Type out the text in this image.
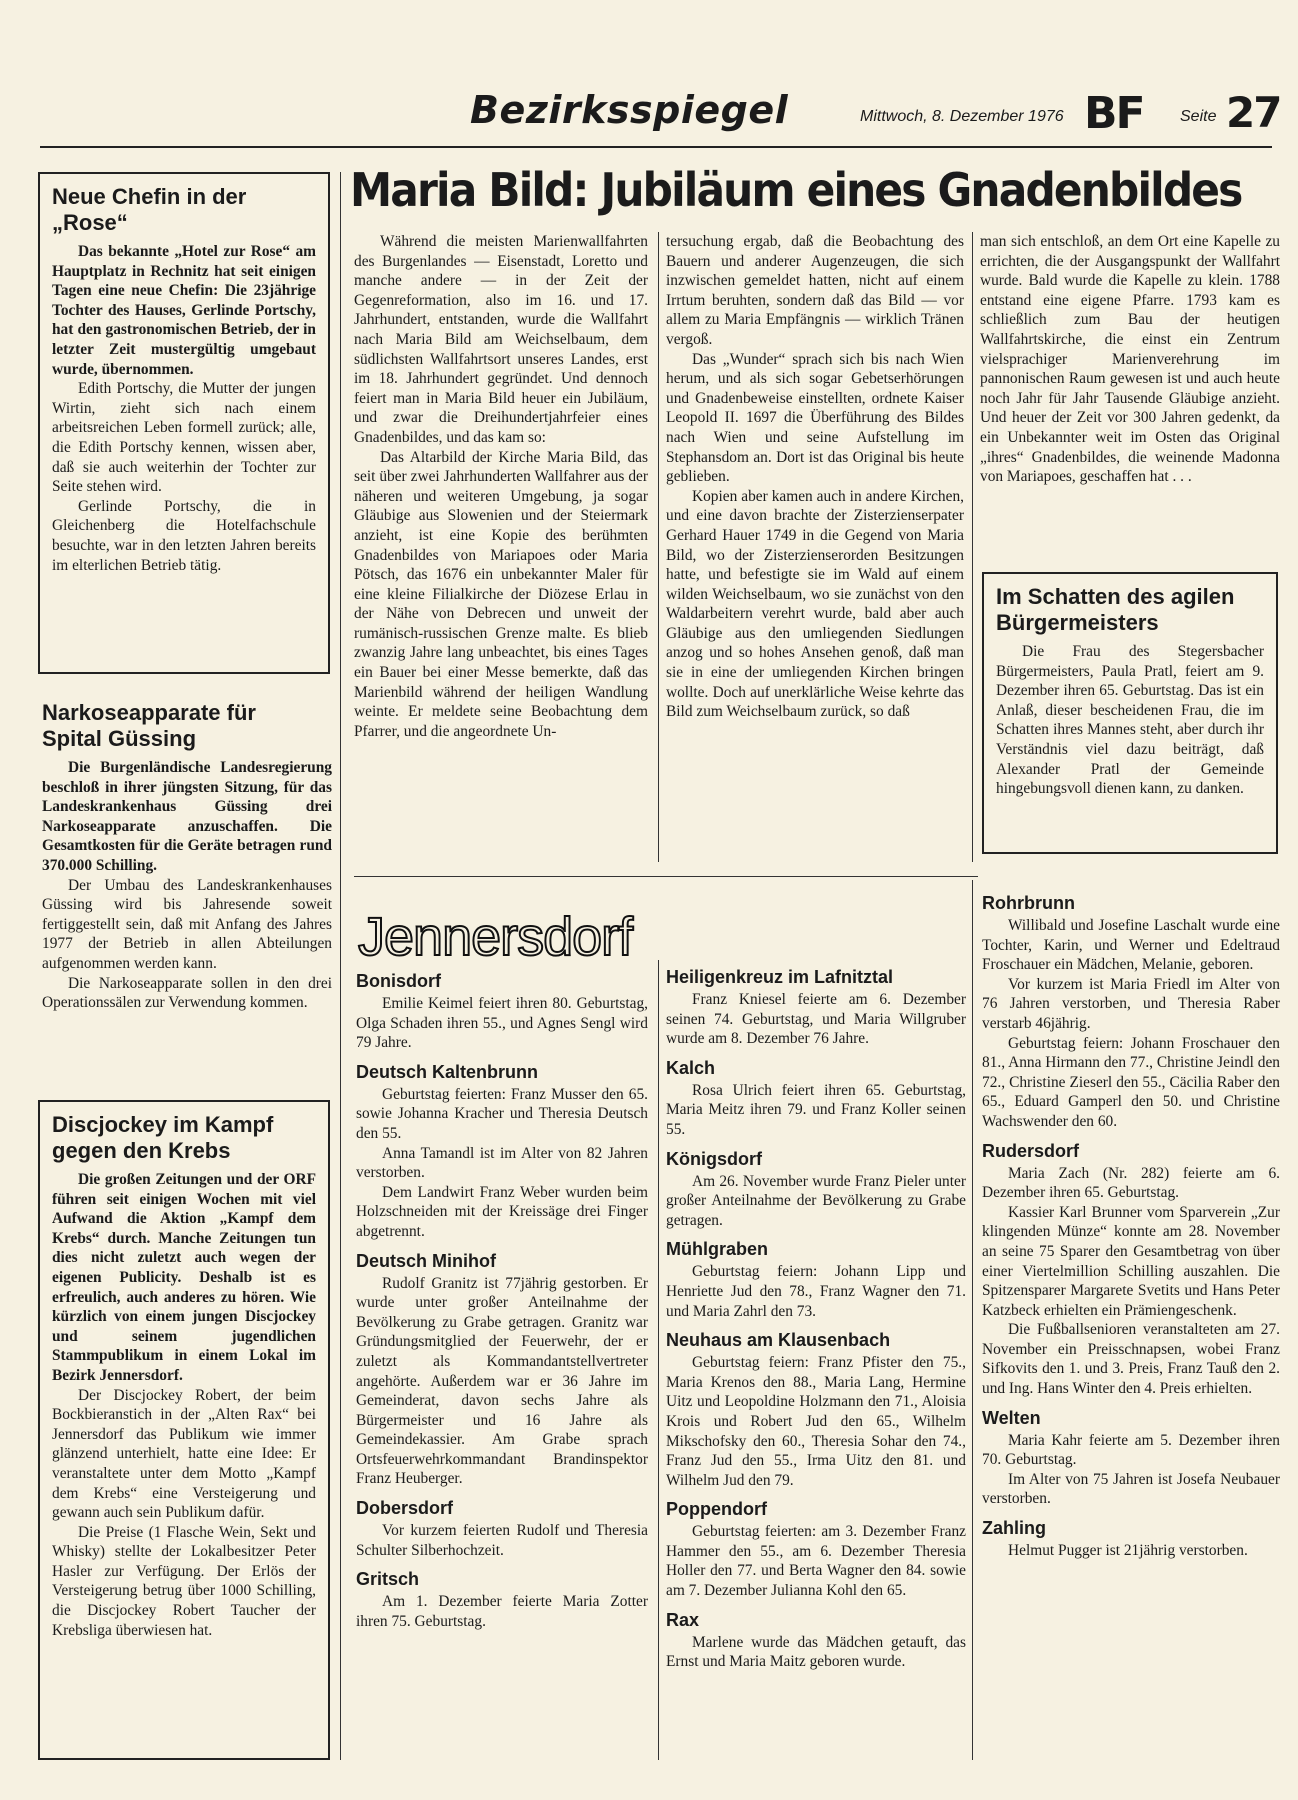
Bezirksspiegel	Mittwoch, 8. Dezember 1976 BF Seite 27
Neue Chefin in der „Rose“

Das bekannte „Hotel zur Rose“ am Hauptplatz in Rechnitz hat seit einigen Tagen eine neue Chefin: Die 23jährige Tochter des Hauses, Gerlinde Portschy, hat den gastronomischen Betrieb, der in letzter Zeit mustergültig umgebaut wurde, übernommen.

Edith Portschy, die Mutter der jungen Wirtin, zieht sich nach einem arbeitsreichen Leben formell zurück; alle, die Edith Portschy kennen, wissen aber, daß sie auch weiterhin der Tochter zur Seite stehen wird.

Gerlinde Portschy, die in Gleichenberg die Hotelfachschule besuchte, war in den letzten Jahren bereits im elterlichen Betrieb tätig.

Narkoseapparate für Spital Güssing

Die Burgenländische Landesregierung beschloß in ihrer jüngsten Sitzung, für das Landeskrankenhaus Güssing drei Narkoseapparate anzuschaffen. Die Gesamtkosten für die Geräte betragen rund 370.000 Schilling.

Der Umbau des Landeskrankenhauses Güssing wird bis Jahresende soweit fertiggestellt sein, daß mit Anfang des Jahres 1977 der Betrieb in allen Abteilungen aufgenommen werden kann.

Die Narkoseapparate sollen in den drei Operationssälen zur Verwendung kommen.

Discjockey im Kampf gegen den Krebs

Die großen Zeitungen und der ORF führen seit einigen Wochen mit viel Aufwand die Aktion „Kampf dem Krebs“ durch. Manche Zeitungen tun dies nicht zuletzt auch wegen der eigenen Publicity. Deshalb ist es erfreulich, auch anderes zu hören. Wie kürzlich von einem jungen Discjockey und seinem jugendlichen Stammpublikum in einem Lokal im Bezirk Jennersdorf.

Der Discjockey Robert, der beim Bockbieranstich in der „Alten Rax“ bei Jennersdorf das Publikum wie immer glänzend unterhielt, hatte eine Idee: Er veranstaltete unter dem Motto „Kampf dem Krebs“ eine Versteigerung und gewann auch sein Publikum dafür.

Die Preise (1 Flasche Wein, Sekt und Whisky) stellte der Lokalbesitzer Peter Hasler zur Verfügung. Der Erlös der Versteigerung betrug über 1000 Schilling, die Discjockey Robert Taucher der Krebsliga überwiesen hat.

Maria Bild: Jubiläum eines Gnadenbildes

Während die meisten Marienwallfahrten des Burgenlandes — Eisenstadt, Loretto und manche andere — in der Zeit der Gegenreformation, also im 16. und 17. Jahrhundert, entstanden, wurde die Wallfahrt nach Maria Bild am Weichselbaum, dem südlichsten Wallfahrtsort unseres Landes, erst im 18. Jahrhundert gegründet. Und dennoch feiert man in Maria Bild heuer ein Jubiläum, und zwar die Dreihundertjahrfeier eines Gnadenbildes, und das kam so:

Das Altarbild der Kirche Maria Bild, das seit über zwei Jahrhunderten Wallfahrer aus der näheren und weiteren Umgebung, ja sogar Gläubige aus Slowenien und der Steiermark anzieht, ist eine Kopie des berühmten Gnadenbildes von Mariapoes oder Maria Pötsch, das 1676 ein unbekannter Maler für eine kleine Filialkirche der Diözese Erlau in der Nähe von Debrecen und unweit der rumänisch-russischen Grenze malte. Es blieb zwanzig Jahre lang unbeachtet, bis eines Tages ein Bauer bei einer Messe bemerkte, daß das Marienbild während der heiligen Wandlung weinte. Er meldete seine Beobachtung dem Pfarrer, und die angeordnete Un-

tersuchung ergab, daß die Beobachtung des Bauern und anderer Augenzeugen, die sich inzwischen gemeldet hatten, nicht auf einem Irrtum beruhten, sondern daß das Bild — vor allem zu Maria Empfängnis — wirklich Tränen vergoß.

Das „Wunder“ sprach sich bis nach Wien herum, und als sich sogar Gebetserhörungen und Gnadenbeweise einstellten, ordnete Kaiser Leopold II. 1697 die Überführung des Bildes nach Wien und seine Aufstellung im Stephansdom an. Dort ist das Original bis heute geblieben.

Kopien aber kamen auch in andere Kirchen, und eine davon brachte der Zisterzienserpater Gerhard Hauer 1749 in die Gegend von Maria Bild, wo der Zisterzienserorden Besitzungen hatte, und befestigte sie im Wald auf einem wilden Weichselbaum, wo sie zunächst von den Waldarbeitern verehrt wurde, bald aber auch Gläubige aus den umliegenden Siedlungen anzog und so hohes Ansehen genoß, daß man sie in eine der umliegenden Kirchen bringen wollte. Doch auf unerklärliche Weise kehrte das Bild zum Weichselbaum zurück, so daß

man sich entschloß, an dem Ort eine Kapelle zu errichten, die der Ausgangspunkt der Wallfahrt wurde. Bald wurde die Kapelle zu klein. 1788 entstand eine eigene Pfarre. 1793 kam es schließlich zum Bau der heutigen Wallfahrtskirche, die einst ein Zentrum vielsprachiger Marienverehrung im pannonischen Raum gewesen ist und auch heute noch Jahr für Jahr Tausende Gläubige anzieht. Und heuer der Zeit vor 300 Jahren gedenkt, da ein Unbekannter weit im Osten das Original „ihres“ Gnadenbildes, die weinende Madonna von Mariapoes, geschaffen hat . . .

Im Schatten des agilen Bürgermeisters

Die Frau des Stegersbacher Bürgermeisters, Paula Pratl, feiert am 9. Dezember ihren 65. Geburtstag. Das ist ein Anlaß, dieser bescheidenen Frau, die im Schatten ihres Mannes steht, aber durch ihr Verständnis viel dazu beiträgt, daß Alexander Pratl der Gemeinde hingebungsvoll dienen kann, zu danken.

Jennersdorf
Bonisdorf

Emilie Keimel feiert ihren 80. Geburtstag, Olga Schaden ihren 55., und Agnes Sengl wird 79 Jahre.

Deutsch Kaltenbrunn

Geburtstag feierten: Franz Musser den 65. sowie Johanna Kracher und Theresia Deutsch den 55.

Anna Tamandl ist im Alter von 82 Jahren verstorben.

Dem Landwirt Franz Weber wurden beim Holzschneiden mit der Kreissäge drei Finger abgetrennt.

Deutsch Minihof

Rudolf Granitz ist 77jährig gestorben. Er wurde unter großer Anteilnahme der Bevölkerung zu Grabe getragen. Granitz war Gründungsmitglied der Feuerwehr, der er zuletzt als Kommandantstellvertreter angehörte. Außerdem war er 36 Jahre im Gemeinderat, davon sechs Jahre als Bürgermeister und 16 Jahre als Gemeindekassier. Am Grabe sprach Ortsfeuerwehrkommandant Brandinspektor Franz Heuberger.

Dobersdorf

Vor kurzem feierten Rudolf und Theresia Schulter Silberhochzeit.

Gritsch

Am 1. Dezember feierte Maria Zotter ihren 75. Geburtstag.

Heiligenkreuz im Lafnitztal

Franz Kniesel feierte am 6. Dezember seinen 74. Geburtstag, und Maria Willgruber wurde am 8. Dezember 76 Jahre.

Kalch

Rosa Ulrich feiert ihren 65. Geburtstag, Maria Meitz ihren 79. und Franz Koller seinen 55.

Königsdorf

Am 26. November wurde Franz Pieler unter großer Anteilnahme der Bevölkerung zu Grabe getragen.

Mühlgraben

Geburtstag feiern: Johann Lipp und Henriette Jud den 78., Franz Wagner den 71. und Maria Zahrl den 73.

Neuhaus am Klausenbach

Geburtstag feiern: Franz Pfister den 75., Maria Krenos den 88., Maria Lang, Hermine Uitz und Leopoldine Holzmann den 71., Aloisia Krois und Robert Jud den 65., Wilhelm Mikschofsky den 60., Theresia Sohar den 74., Franz Jud den 55., Irma Uitz den 81. und Wilhelm Jud den 79.

Poppendorf

Geburtstag feierten: am 3. Dezember Franz Hammer den 55., am 6. Dezember Theresia Holler den 77. und Berta Wagner den 84. sowie am 7. Dezember Julianna Kohl den 65.

Rax

Marlene wurde das Mädchen getauft, das Ernst und Maria Maitz geboren wurde.

Rohrbrunn

Willibald und Josefine Laschalt wurde eine Tochter, Karin, und Werner und Edeltraud Froschauer ein Mädchen, Melanie, geboren.

Vor kurzem ist Maria Friedl im Alter von 76 Jahren verstorben, und Theresia Raber verstarb 46jährig.

Geburtstag feiern: Johann Froschauer den 81., Anna Hirmann den 77., Christine Jeindl den 72., Christine Zieserl den 55., Cäcilia Raber den 65., Eduard Gamperl den 50. und Christine Wachswender den 60.

Rudersdorf

Maria Zach (Nr. 282) feierte am 6. Dezember ihren 65. Geburtstag.

Kassier Karl Brunner vom Sparverein „Zur klingenden Münze“ konnte am 28. November an seine 75 Sparer den Gesamtbetrag von über einer Viertelmillion Schilling auszahlen. Die Spitzensparer Margarete Svetits und Hans Peter Katzbeck erhielten ein Prämiengeschenk.

Die Fußballsenioren veranstalteten am 27. November ein Preisschnapsen, wobei Franz Sifkovits den 1. und 3. Preis, Franz Tauß den 2. und Ing. Hans Winter den 4. Preis erhielten.

Welten

Maria Kahr feierte am 5. Dezember ihren 70. Geburtstag.

Im Alter von 75 Jahren ist Josefa Neubauer verstorben.

Zahling

Helmut Pugger ist 21jährig verstorben.
